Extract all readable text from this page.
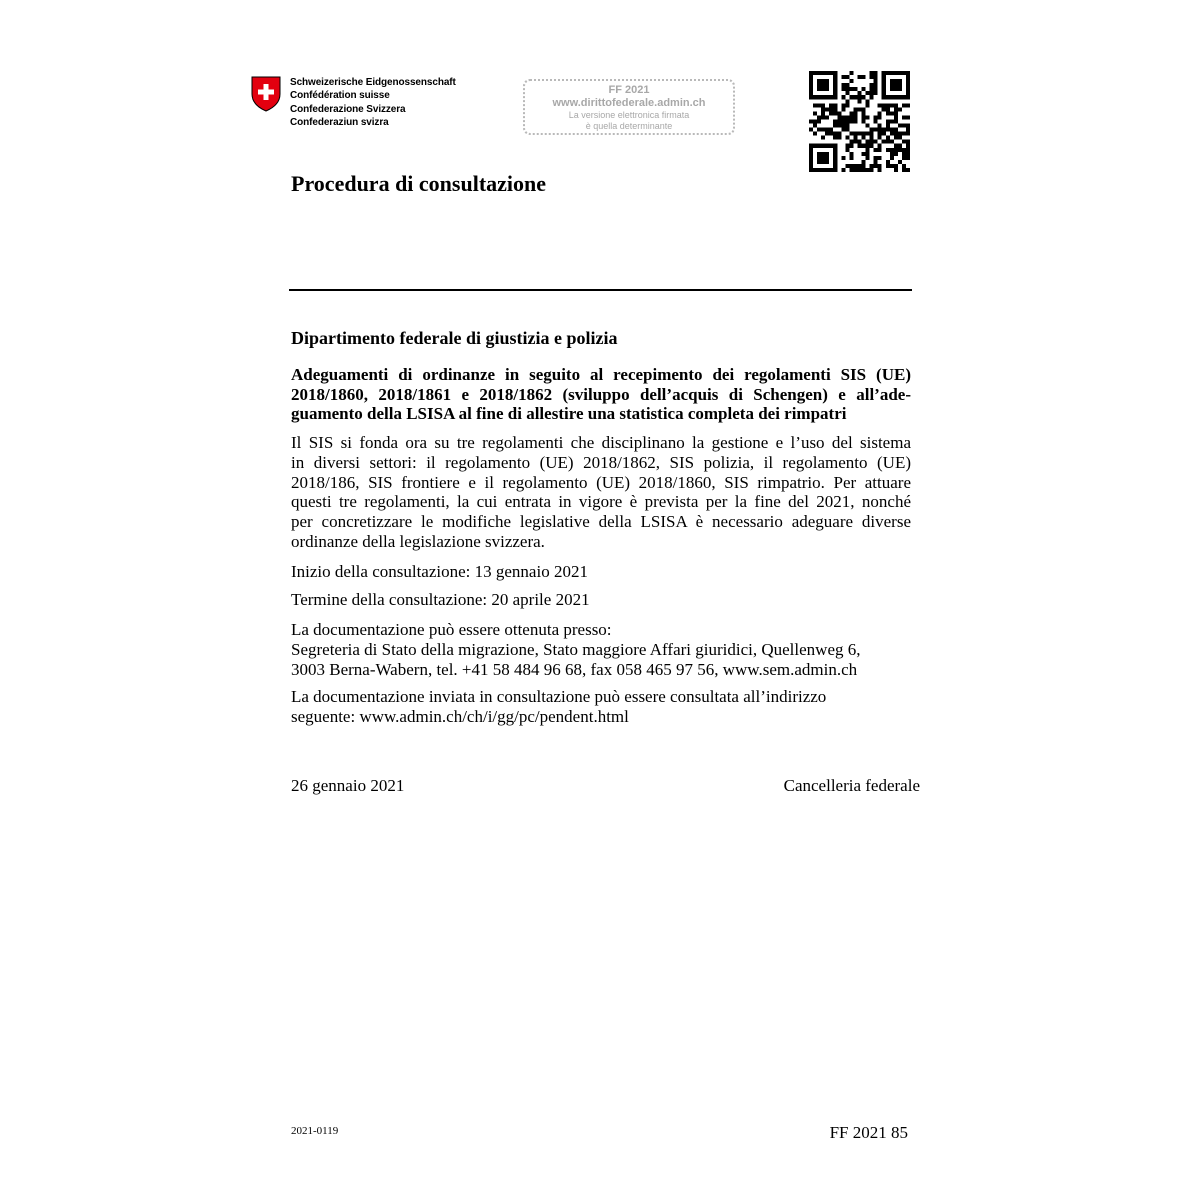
Schweizerische Eidgenossenschaft
Confédération suisse
Confederazione Svizzera
Confederaziun svizra
FF 2021
www.dirittofederale.admin.ch
La versione elettronica firmata
è quella determinante
Procedura di consultazione
Dipartimento federale di giustizia e polizia
Adeguamenti di ordinanze in seguito al recepimento dei regolamenti SIS (UE)
2018/1860, 2018/1861 e 2018/1862 (sviluppo dell’acquis di Schengen) e all’ade-
guamento della LSISA al fine di allestire una statistica completa dei rimpatri
Il SIS si fonda ora su tre regolamenti che disciplinano la gestione e l’uso del sistema
in diversi settori: il regolamento (UE) 2018/1862, SIS polizia, il regolamento (UE)
2018/186, SIS frontiere e il regolamento (UE) 2018/1860, SIS rimpatrio. Per attuare
questi tre regolamenti, la cui entrata in vigore è prevista per la fine del 2021, nonché
per concretizzare le modifiche legislative della LSISA è necessario adeguare diverse
ordinanze della legislazione svizzera.
Inizio della consultazione: 13 gennaio 2021
Termine della consultazione: 20 aprile 2021
La documentazione può essere ottenuta presso:
Segreteria di Stato della migrazione, Stato maggiore Affari giuridici, Quellenweg 6,
3003 Berna-Wabern, tel. +41 58 484 96 68, fax 058 465 97 56, www.sem.admin.ch
La documentazione inviata in consultazione può essere consultata all’indirizzo
seguente: www.admin.ch/ch/i/gg/pc/pendent.html
26 gennaio 2021	Cancelleria federale
2021-0119	FF 2021 85
